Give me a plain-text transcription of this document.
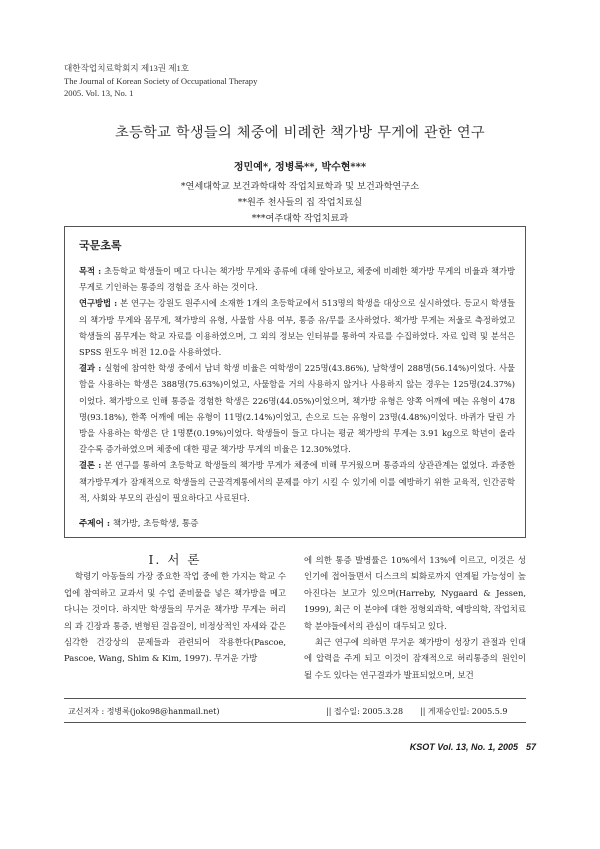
대한작업치료학회지 제13권 제1호
The Journal of Korean Society of Occupational Therapy
2005. Vol. 13, No. 1
초등학교 학생들의 체중에 비례한 책가방 무게에 관한 연구
정민예*, 정병록**, 박수현***
*연세대학교 보건과학대학 작업치료학과 및 보건과학연구소
**원주 천사들의 집 작업치료실
***여주대학 작업치료과
국문초록

목적 : 초등학교 학생들이 메고 다니는 책가방 무게와 종류에 대해 알아보고, 체중에 비례한 책가방 무게의 비율과 책가방무게로 기인하는 통증의 경험을 조사 하는 것이다.

연구방법 : 본 연구는 강원도 원주시에 소재한 1개의 초등학교에서 513명의 학생을 대상으로 실시하였다. 등교시 학생들의 책가방 무게와 몸무게, 책가방의 유형, 사물함 사용 여부, 통증 유/무를 조사하였다. 책가방 무게는 저울로 측정하였고 학생들의 몸무게는 학교 자료를 이용하였으며, 그 외의 정보는 인터뷰를 통하여 자료를 수집하였다. 자료 입력 및 분석은 SPSS 윈도우 버전 12.0을 사용하였다.

결과 : 실험에 참여한 학생 중에서 남녀 학생 비율은 여학생이 225명(43.86%), 남학생이 288명(56.14%)이었다. 사물함을 사용하는 학생은 388명(75.63%)이었고, 사물함을 거의 사용하지 않거나 사용하지 않는 경우는 125명(24.37%)이었다. 책가방으로 인해 통증을 경험한 학생은 226명(44.05%)이었으며, 책가방 유형은 양쪽 어깨에 메는 유형이 478명(93.18%), 한쪽 어깨에 메는 유형이 11명(2.14%)이었고, 손으로 드는 유형이 23명(4.48%)이었다. 바퀴가 달린 가방을 사용하는 학생은 단 1명뿐(0.19%)이었다. 학생들이 들고 다니는 평균 책가방의 무게는 3.91 kg으로 학년이 올라 갈수록 증가하였으며 체중에 대한 평균 책가방 무게의 비율은 12.30%였다.

결론 : 본 연구를 통하여 초등학교 학생들의 책가방 무게가 체중에 비해 무거웠으며 통증과의 상관관계는 없었다. 과중한 책가방무게가 잠재적으로 학생들의 근골격계통에서의 문제를 야기 시킬 수 있기에 이를 예방하기 위한 교육적, 인간공학적, 사회와 부모의 관심이 필요하다고 사료된다.

주제어 : 책가방, 초등학생, 통증

Ⅰ. 서 론

학령기 아동들의 가장 중요한 작업 중에 한 가지는 학교 수업에 참여하고 교과서 및 수업 준비물을 넣은 책가방을 메고 다니는 것이다. 하지만 학생들의 무거운 책가방 무게는 허리의 과 긴장과 통증, 변형된 걸음걸이, 비정상적인 자세와 같은 심각한 건강상의 문제들과 관련되어 작용한다(Pascoe, Pascoe, Wang, Shim & Kim, 1997). 무거운 가방

에 의한 통증 발병률은 10%에서 13%에 이르고, 이것은 성인기에 접어들면서 디스크의 퇴화로까지 연계될 가능성이 높아진다는 보고가 있으며(Harreby, Nygaard & Jessen, 1999), 최근 이 분야에 대한 정형외과학, 예방의학, 작업치료학 분야들에서의 관심이 대두되고 있다.

최근 연구에 의하면 무거운 책가방이 성장기 관절과 인대에 압력을 주게 되고 이것이 잠재적으로 허리통증의 원인이 될 수도 있다는 연구결과가 발표되었으며, 보건

교신저자 : 정병록(joko98@hanmail.net)	|| 접수일: 2005.3.28 || 게재승인일: 2005.5.9
KSOT Vol. 13, No. 1, 2005 57
